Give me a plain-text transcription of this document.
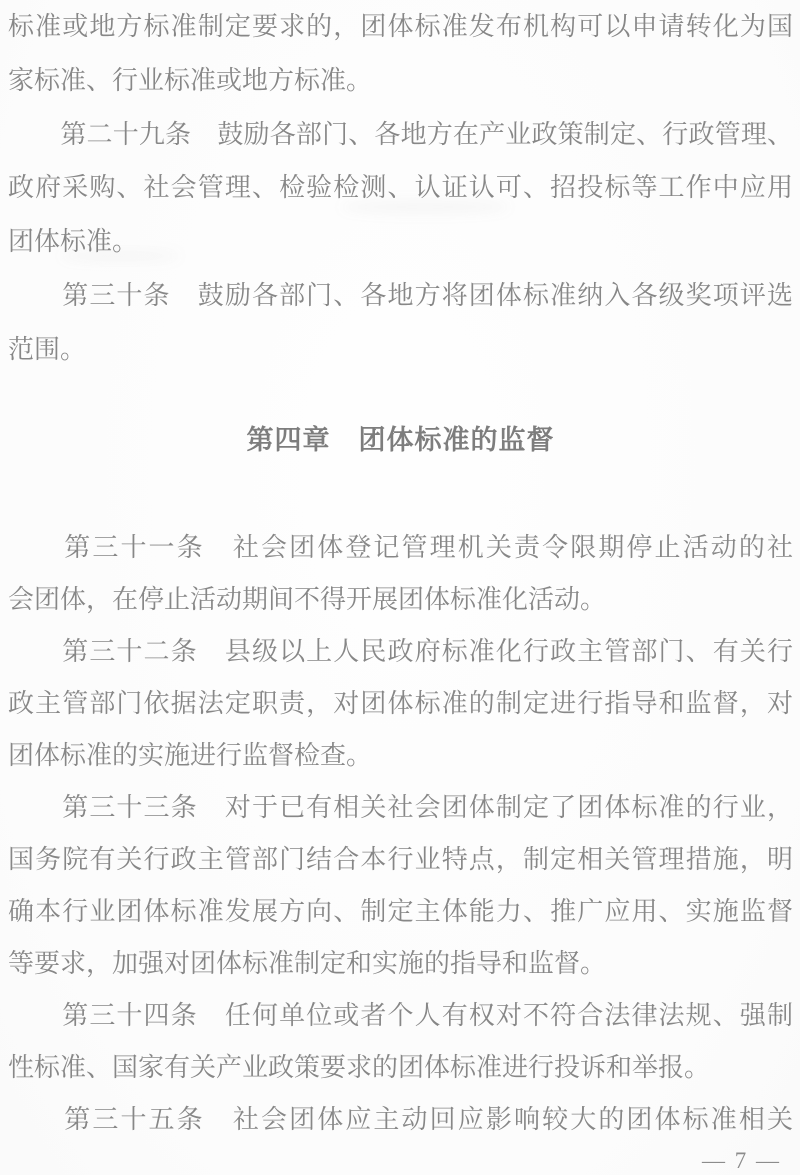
标准或地方标准制定要求的，团体标准发布机构可以申请转化为国
家标准、行业标准或地方标准。
　　第二十九条　鼓励各部门、各地方在产业政策制定、行政管理、
政府采购、社会管理、检验检测、认证认可、招投标等工作中应用
团体标准。
　　第三十条　鼓励各部门、各地方将团体标准纳入各级奖项评选
范围。
第四章　团体标准的监督
　　第三十一条　社会团体登记管理机关责令限期停止活动的社
会团体，在停止活动期间不得开展团体标准化活动。
　　第三十二条　县级以上人民政府标准化行政主管部门、有关行
政主管部门依据法定职责，对团体标准的制定进行指导和监督，对
团体标准的实施进行监督检查。
　　第三十三条　对于已有相关社会团体制定了团体标准的行业，
国务院有关行政主管部门结合本行业特点，制定相关管理措施，明
确本行业团体标准发展方向、制定主体能力、推广应用、实施监督
等要求，加强对团体标准制定和实施的指导和监督。
　　第三十四条　任何单位或者个人有权对不符合法律法规、强制
性标准、国家有关产业政策要求的团体标准进行投诉和举报。
　　第三十五条　社会团体应主动回应影响较大的团体标准相关
— 7 —
